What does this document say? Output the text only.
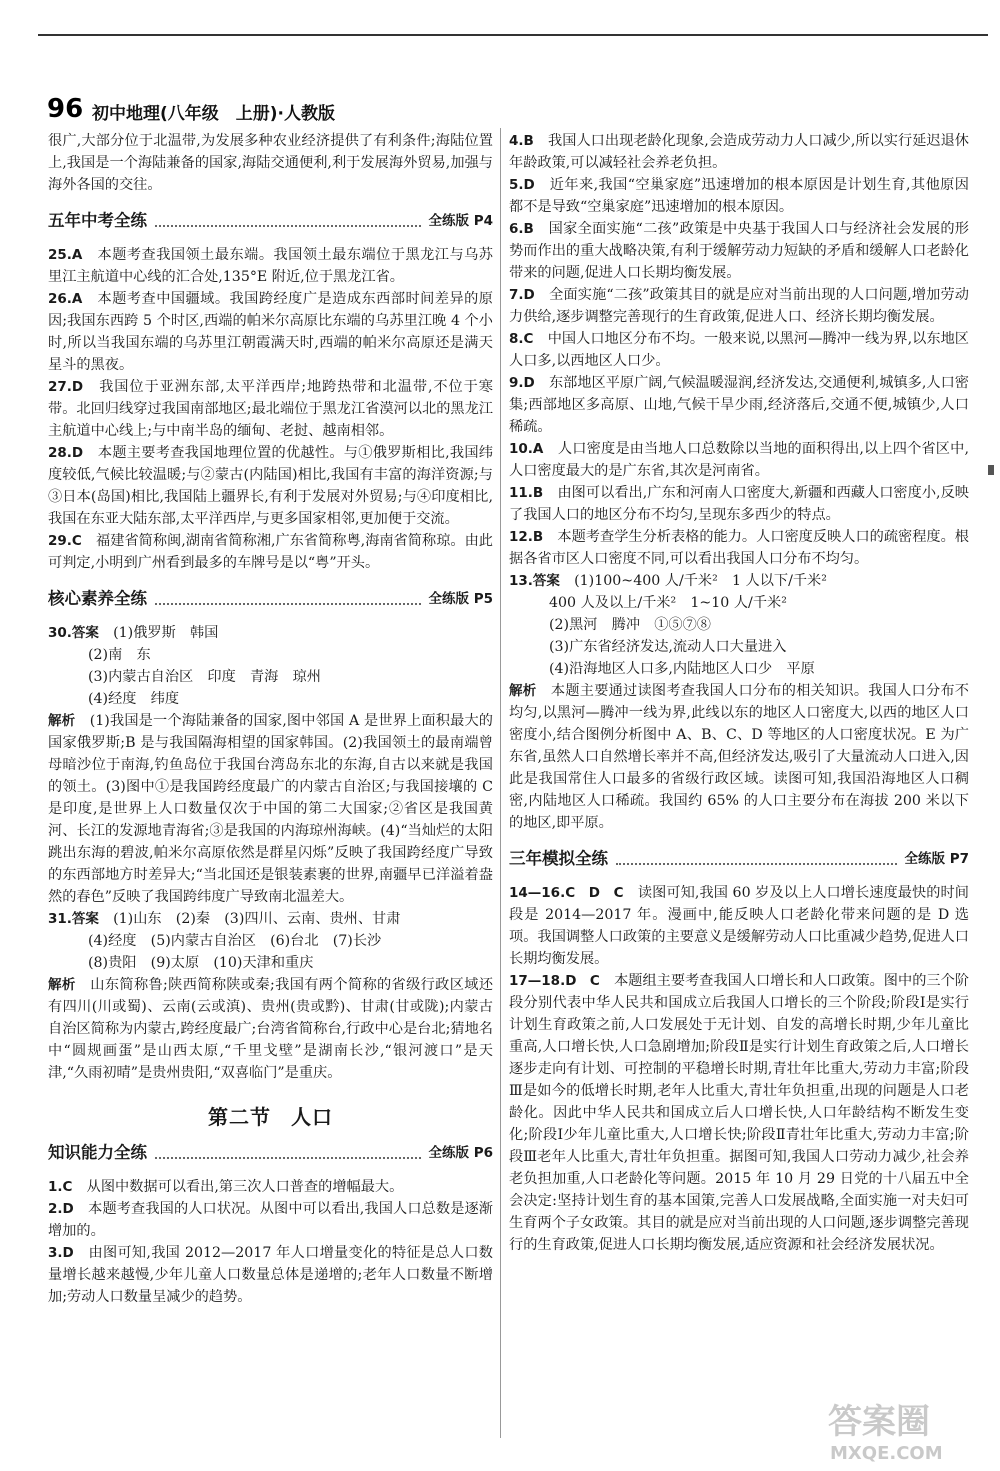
96 初中地理(八年级　上册)·人教版

很广,大部分位于北温带,为发展多种农业经济提供了有利条件;海陆位置上,我国是一个海陆兼备的国家,海陆交通便利,利于发展海外贸易,加强与海外各国的交往。

五年中考全练	全练版 P4

25.A　 本题考查我国领土最东端。我国领土最东端位于黑龙江与乌苏里江主航道中心线的汇合处,135°E 附近,位于黑龙江省。

26.A　 本题考查中国疆域。我国跨经度广是造成东西部时间差异的原因;我国东西跨 5 个时区,西端的帕米尔高原比东端的乌苏里江晚 4 个小时,所以当我国东端的乌苏里江朝霞满天时,西端的帕米尔高原还是满天星斗的黑夜。

27.D　 我国位于亚洲东部,太平洋西岸;地跨热带和北温带,不位于寒带。北回归线穿过我国南部地区;最北端位于黑龙江省漠河以北的黑龙江主航道中心线上;与中南半岛的缅甸、老挝、越南相邻。

28.D　 本题主要考查我国地理位置的优越性。与①俄罗斯相比,我国纬度较低,气候比较温暖;与②蒙古(内陆国)相比,我国有丰富的海洋资源;与③日本(岛国)相比,我国陆上疆界长,有利于发展对外贸易;与④印度相比,我国在东亚大陆东部,太平洋西岸,与更多国家相邻,更加便于交流。

29.C　 福建省简称闽,湖南省简称湘,广东省简称粤,海南省简称琼。由此可判定,小明到广州看到最多的车牌号是以“粤”开头。

核心素养全练	全练版 P5

30.答案　 (1)俄罗斯　韩国

(2)南　东

(3)内蒙古自治区　印度　青海　琼州

(4)经度　纬度

解析　 (1)我国是一个海陆兼备的国家,图中邻国 A 是世界上面积最大的国家俄罗斯;B 是与我国隔海相望的国家韩国。(2)我国领土的最南端曾母暗沙位于南海,钓鱼岛位于我国台湾岛东北的东海,自古以来就是我国的领土。(3)图中①是我国跨经度最广的内蒙古自治区;与我国接壤的 C 是印度,是世界上人口数量仅次于中国的第二大国家;②省区是我国黄河、长江的发源地青海省;③是我国的内海琼州海峡。(4)“当灿烂的太阳跳出东海的碧波,帕米尔高原依然是群星闪烁”反映了我国跨经度广导致的东西部地方时差异大;“当北国还是银装素裹的世界,南疆早已洋溢着盎然的春色”反映了我国跨纬度广导致南北温差大。

31.答案　 (1)山东　(2)秦　(3)四川、云南、贵州、甘肃

(4)经度　(5)内蒙古自治区　(6)台北　(7)长沙

(8)贵阳　(9)太原　(10)天津和重庆

解析　 山东简称鲁;陕西简称陕或秦;我国有两个简称的省级行政区域还有四川(川或蜀)、云南(云或滇)、贵州(贵或黔)、甘肃(甘或陇);内蒙古自治区简称为内蒙古,跨经度最广;台湾省简称台,行政中心是台北;猜地名中“圆规画蛋”是山西太原,“千里戈壁”是湖南长沙,“银河渡口”是天津,“久雨初晴”是贵州贵阳,“双喜临门”是重庆。

第二节 人口
知识能力全练	全练版 P6

1.C　 从图中数据可以看出,第三次人口普查的增幅最大。

2.D　 本题考查我国的人口状况。从图中可以看出,我国人口总数是逐渐增加的。

3.D　 由图可知,我国 2012—2017 年人口增量变化的特征是总人口数量增长越来越慢,少年儿童人口数量总体是递增的;老年人口数量不断增加;劳动人口数量呈减少的趋势。

4.B　 我国人口出现老龄化现象,会造成劳动力人口减少,所以实行延迟退休年龄政策,可以减轻社会养老负担。

5.D　 近年来,我国“空巢家庭”迅速增加的根本原因是计划生育,其他原因都不是导致“空巢家庭”迅速增加的根本原因。

6.B　 国家全面实施“二孩”政策是中央基于我国人口与经济社会发展的形势而作出的重大战略决策,有利于缓解劳动力短缺的矛盾和缓解人口老龄化带来的问题,促进人口长期均衡发展。

7.D　 全面实施“二孩”政策其目的就是应对当前出现的人口问题,增加劳动力供给,逐步调整完善现行的生育政策,促进人口、经济长期均衡发展。

8.C　 中国人口地区分布不均。一般来说,以黑河—腾冲一线为界,以东地区人口多,以西地区人口少。

9.D　 东部地区平原广阔,气候温暖湿润,经济发达,交通便利,城镇多,人口密集;西部地区多高原、山地,气候干旱少雨,经济落后,交通不便,城镇少,人口稀疏。

10.A　 人口密度是由当地人口总数除以当地的面积得出,以上四个省区中,人口密度最大的是广东省,其次是河南省。

11.B　 由图可以看出,广东和河南人口密度大,新疆和西藏人口密度小,反映了我国人口的地区分布不均匀,呈现东多西少的特点。

12.B　 本题考查学生分析表格的能力。人口密度反映人口的疏密程度。根据各省市区人口密度不同,可以看出我国人口分布不均匀。

13.答案　 (1)100~400 人/千米²　1 人以下/千米²

400 人及以上/千米²　1~10 人/千米²

(2)黑河　腾冲　①⑤⑦⑧

(3)广东省经济发达,流动人口大量进入

(4)沿海地区人口多,内陆地区人口少　平原

解析　 本题主要通过读图考查我国人口分布的相关知识。我国人口分布不均匀,以黑河—腾冲一线为界,此线以东的地区人口密度大,以西的地区人口密度小,结合图例分析图中 A、B、C、D 等地区的人口密度状况。E 为广东省,虽然人口自然增长率并不高,但经济发达,吸引了大量流动人口进入,因此是我国常住人口最多的省级行政区域。读图可知,我国沿海地区人口稠密,内陆地区人口稀疏。我国约 65% 的人口主要分布在海拔 200 米以下的地区,即平原。

三年模拟全练	全练版 P7

14—16.C　D　C　 读图可知,我国 60 岁及以上人口增长速度最快的时间段是 2014—2017 年。漫画中,能反映人口老龄化带来问题的是 D 选项。我国调整人口政策的主要意义是缓解劳动人口比重减少趋势,促进人口长期均衡发展。

17—18.D　C　 本题组主要考查我国人口增长和人口政策。图中的三个阶段分别代表中华人民共和国成立后我国人口增长的三个阶段;阶段Ⅰ是实行计划生育政策之前,人口发展处于无计划、自发的高增长时期,少年儿童比重高,人口增长快,人口急剧增加;阶段Ⅱ是实行计划生育政策之后,人口增长逐步走向有计划、可控制的平稳增长时期,青壮年比重大,劳动力丰富;阶段Ⅲ是如今的低增长时期,老年人比重大,青壮年负担重,出现的问题是人口老龄化。因此中华人民共和国成立后人口增长快,人口年龄结构不断发生变化;阶段Ⅰ少年儿童比重大,人口增长快;阶段Ⅱ青壮年比重大,劳动力丰富;阶段Ⅲ老年人比重大,青壮年负担重。据图可知,我国人口劳动力减少,社会养老负担加重,人口老龄化等问题。2015 年 10 月 29 日党的十八届五中全会决定:坚持计划生育的基本国策,完善人口发展战略,全面实施一对夫妇可生育两个子女政策。其目的就是应对当前出现的人口问题,逐步调整完善现行的生育政策,促进人口长期均衡发展,适应资源和社会经济发展状况。

答案圈
MXQE.COM
